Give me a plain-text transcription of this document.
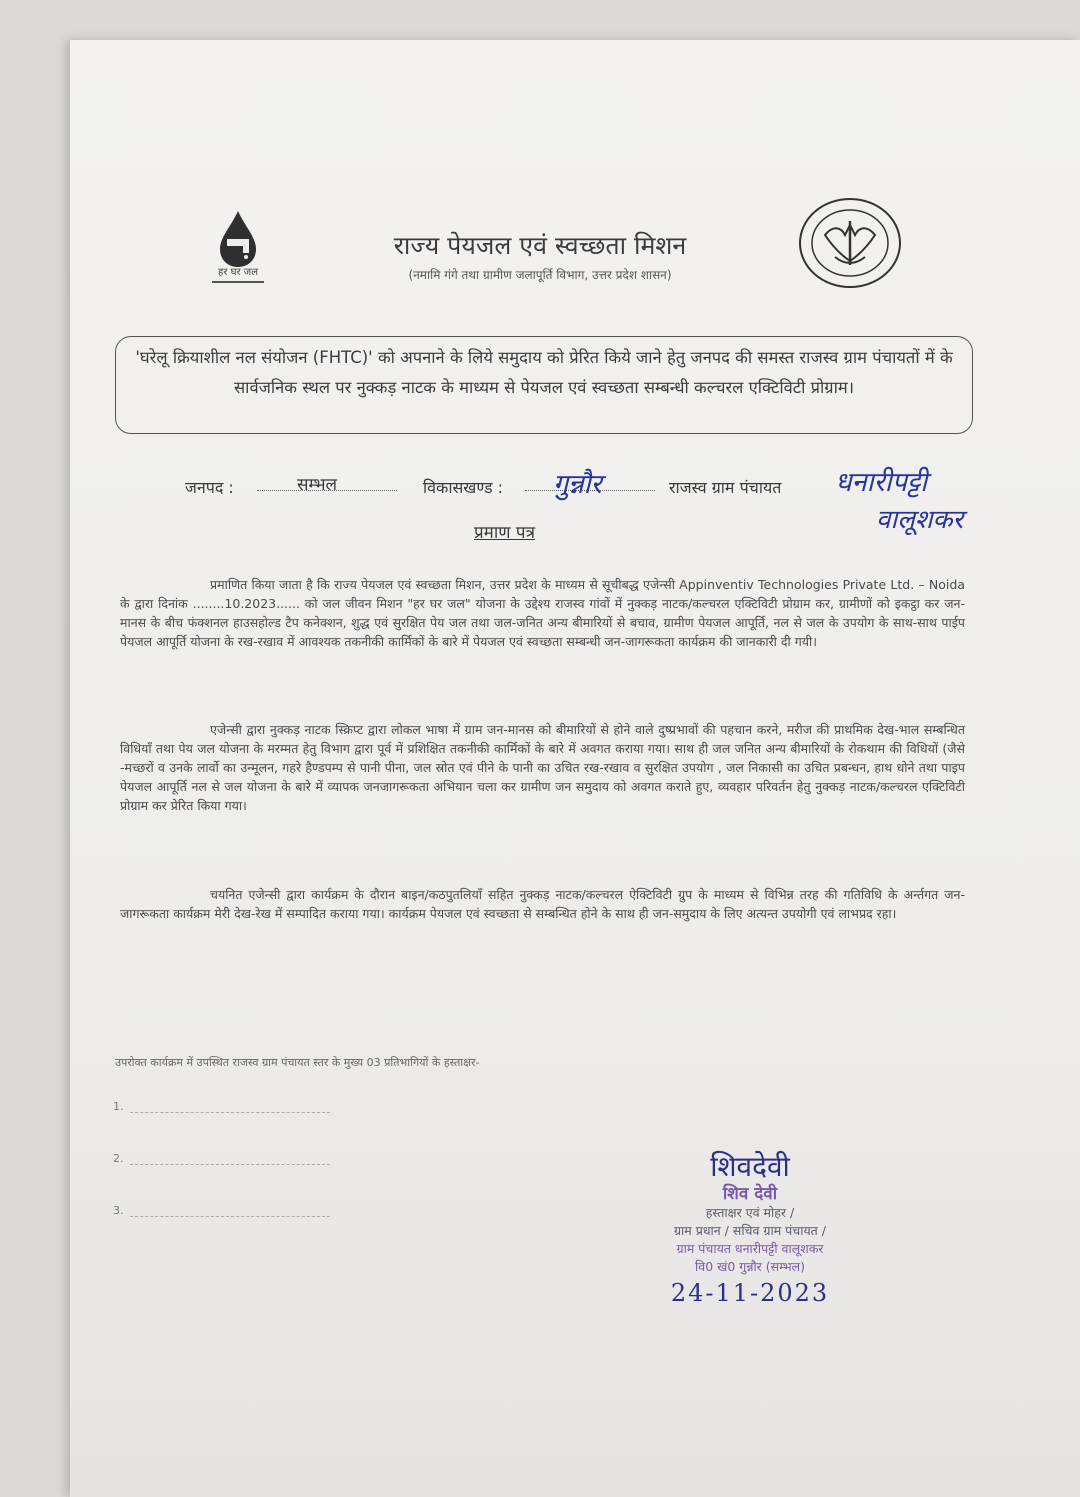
हर घर जल
राज्य पेयजल एवं स्वच्छता मिशन
(नमामि गंगे तथा ग्रामीण जलापूर्ति विभाग, उत्तर प्रदेश शासन)
'घरेलू क्रियाशील नल संयोजन (FHTC)' को अपनाने के लिये समुदाय को प्रेरित किये जाने हेतु जनपद की समस्त राजस्व ग्राम पंचायतों में के सार्वजनिक स्थल पर नुक्कड़ नाटक के माध्यम से पेयजल एवं स्वच्छता सम्बन्धी कल्चरल एक्टिविटी प्रोग्राम।
जनपद :	सम्भल	विकासखण्ड : गुन्नौर	राजस्व ग्राम पंचायत धनारीपट्टी
वालूशकर
प्रमाण पत्र
प्रमाणित किया जाता है कि राज्य पेयजल एवं स्वच्छता मिशन, उत्तर प्रदेश के माध्यम से सूचीबद्ध एजेन्सी Appinventiv Technologies Private Ltd. – Noida के द्वारा दिनांक ........10.2023...... को जल जीवन मिशन "हर घर जल" योजना के उद्देश्य राजस्व गांवों में नुक्कड़ नाटक/कल्चरल एक्टिविटी प्रोग्राम कर, ग्रामीणों को इकट्ठा कर जन-मानस के बीच फंक्शनल हाउसहोल्ड टैप कनेक्शन, शुद्ध एवं सुरक्षित पेय जल तथा जल-जनित अन्य बीमारियों से बचाव, ग्रामीण पेयजल आपूर्ति, नल से जल के उपयोग के साथ-साथ पाईप पेयजल आपूर्ति योजना के रख-रखाव में आवश्यक तकनीकी कार्मिकों के बारे में पेयजल एवं स्वच्छता सम्बन्धी जन-जागरूकता कार्यक्रम की जानकारी दी गयी।
एजेन्सी द्वारा नुक्कड़ नाटक स्क्रिप्ट द्वारा लोकल भाषा में ग्राम जन-मानस को बीमारियों से होने वाले दुष्प्रभावों की पहचान करने, मरीज की प्राथमिक देख-भाल सम्बन्धित विधियाँ तथा पेय जल योजना के मरम्मत हेतु विभाग द्वारा पूर्व में प्रशिक्षित तकनीकी कार्मिकों के बारे में अवगत कराया गया। साथ ही जल जनित अन्य बीमारियों के रोकथाम की विधियों (जैसे -मच्छरों व उनके लार्वो का उन्मूलन, गहरे हैण्डपम्प से पानी पीना, जल स्रोत एवं पीने के पानी का उचित रख-रखाव व सुरक्षित उपयोग , जल निकासी का उचित प्रबन्धन, हाथ धोने तथा पाइप पेयजल आपूर्ति नल से जल योजना के बारे में व्यापक जनजागरूकता अभियान चला कर ग्रामीण जन समुदाय को अवगत कराते हुए, व्यवहार परिवर्तन हेतु नुक्कड़ नाटक/कल्चरल एक्टिविटी प्रोग्राम कर प्रेरित किया गया।
चयनित एजेन्सी द्वारा कार्यक्रम के दौरान बाइन/कठपुतलियाँ सहित नुक्कड़ नाटक/कल्चरल ऐक्टिविटी ग्रुप के माध्यम से विभिन्न तरह की गतिविधि के अर्न्तगत जन-जागरूकता कार्यक्रम मेरी देख-रेख में सम्पादित कराया गया। कार्यक्रम पेयजल एवं स्वच्छता से सम्बन्धित होने के साथ ही जन-समुदाय के लिए अत्यन्त उपयोगी एवं लाभप्रद रहा।
उपरोक्त कार्यक्रम में उपस्थित राजस्व ग्राम पंचायत स्तर के मुख्य 03 प्रतिभागियों के हस्ताक्षर-
1.
2.
3.
शिवदेवी
शिव देवी
हस्ताक्षर एवं मोहर /
ग्राम प्रधान / सचिव ग्राम पंचायत /
ग्राम पंचायत धनारीपट्टी वालूशकर
वि0 खं0 गुन्नौर (सम्भल)
24-11-2023
